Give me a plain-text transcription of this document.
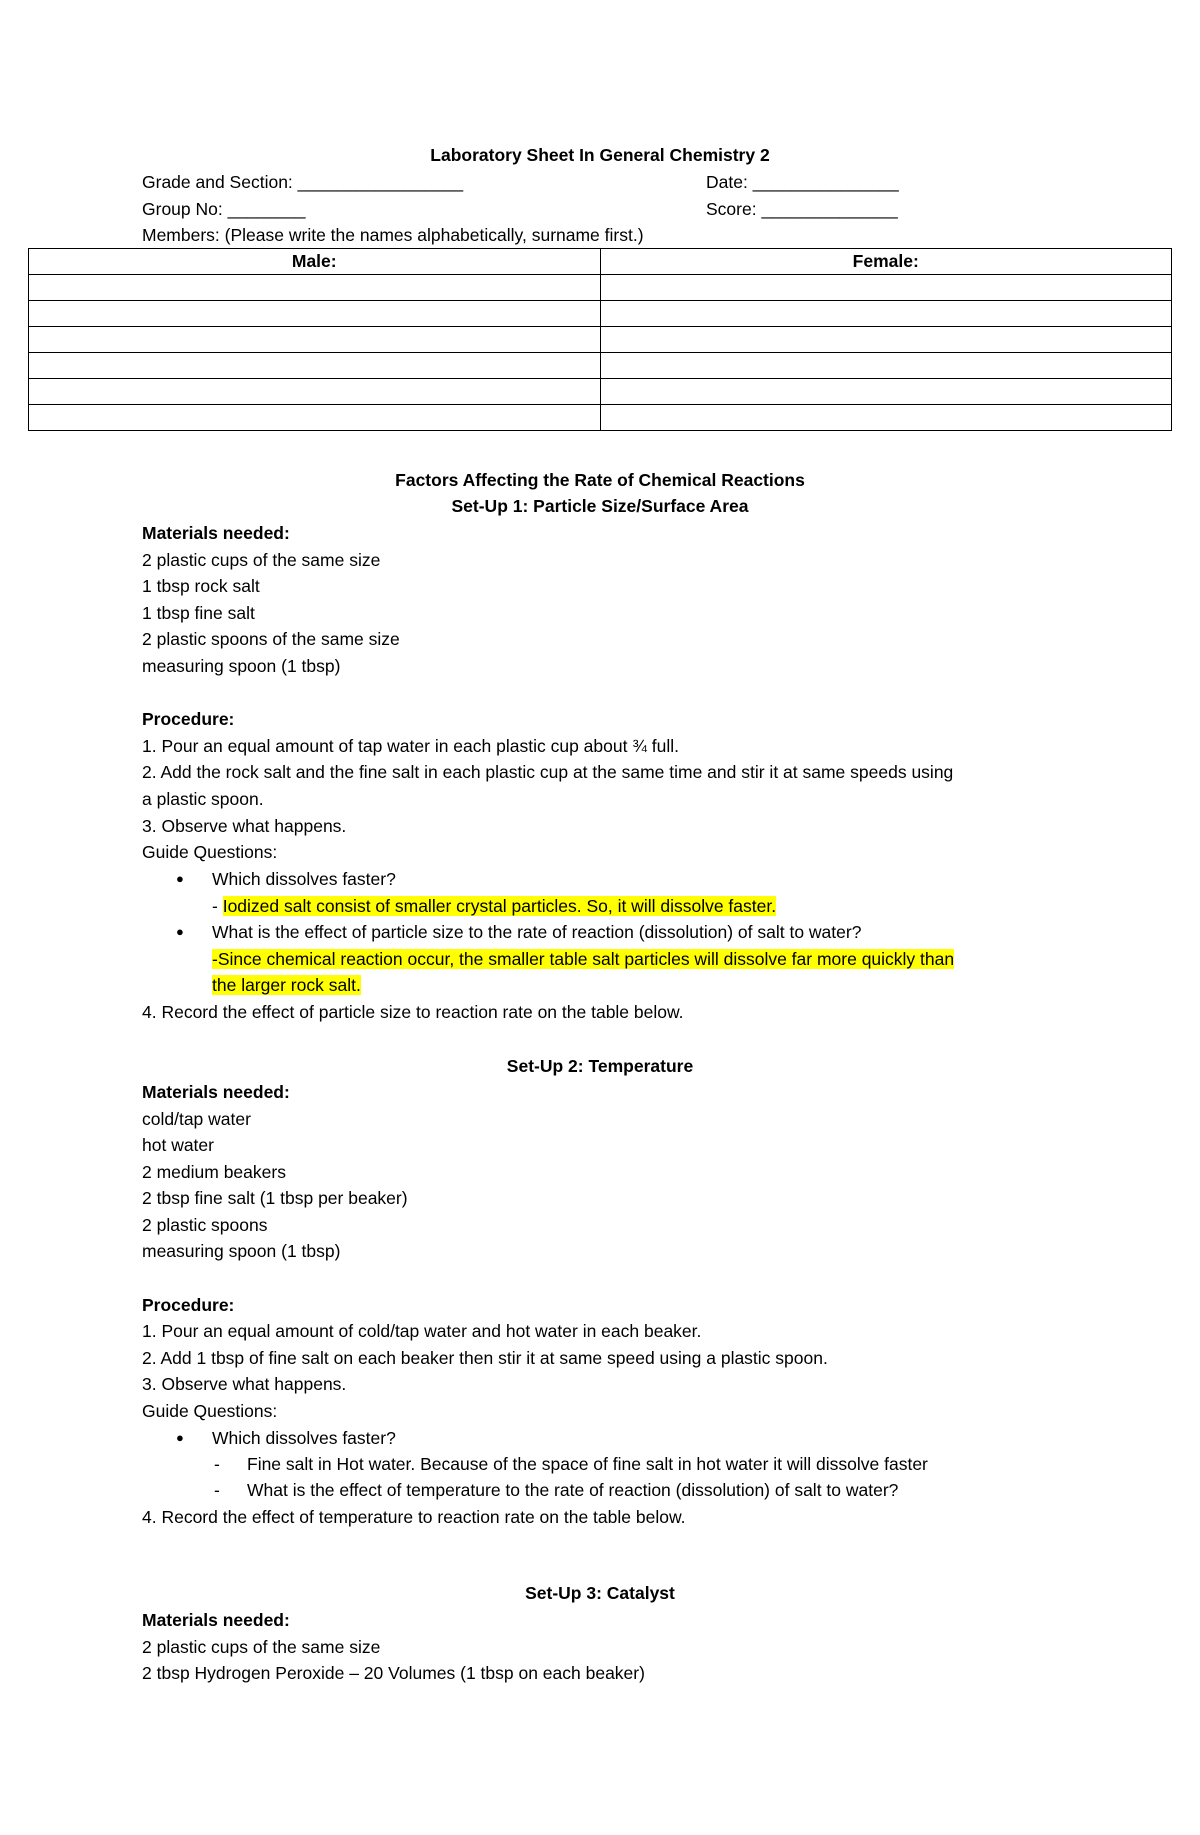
Laboratory Sheet In General Chemistry 2
Grade and Section: _________________	Date: _______________
Group No: ________	Score: ______________
Members: (Please write the names alphabetically, surname first.)
Male:	Female:

Factors Affecting the Rate of Chemical Reactions
Set-Up 1: Particle Size/Surface Area
Materials needed:
2 plastic cups of the same size
1 tbsp rock salt
1 tbsp fine salt
2 plastic spoons of the same size
measuring spoon (1 tbsp)
Procedure:
1. Pour an equal amount of tap water in each plastic cup about ¾ full.
2. Add the rock salt and the fine salt in each plastic cup at the same time and stir it at same speeds using
a plastic spoon.
3. Observe what happens.
Guide Questions:
● Which dissolves faster?
- Iodized salt consist of smaller crystal particles. So, it will dissolve faster.
● What is the effect of particle size to the rate of reaction (dissolution) of salt to water?
-Since chemical reaction occur, the smaller table salt particles will dissolve far more quickly than
the larger rock salt.
4. Record the effect of particle size to reaction rate on the table below.
Set-Up 2: Temperature
Materials needed:
cold/tap water
hot water
2 medium beakers
2 tbsp fine salt (1 tbsp per beaker)
2 plastic spoons
measuring spoon (1 tbsp)
Procedure:
1. Pour an equal amount of cold/tap water and hot water in each beaker.
2. Add 1 tbsp of fine salt on each beaker then stir it at same speed using a plastic spoon.
3. Observe what happens.
Guide Questions:
● Which dissolves faster?
- Fine salt in Hot water. Because of the space of fine salt in hot water it will dissolve faster
- What is the effect of temperature to the rate of reaction (dissolution) of salt to water?
4. Record the effect of temperature to reaction rate on the table below.
Set-Up 3: Catalyst
Materials needed:
2 plastic cups of the same size
2 tbsp Hydrogen Peroxide – 20 Volumes (1 tbsp on each beaker)
